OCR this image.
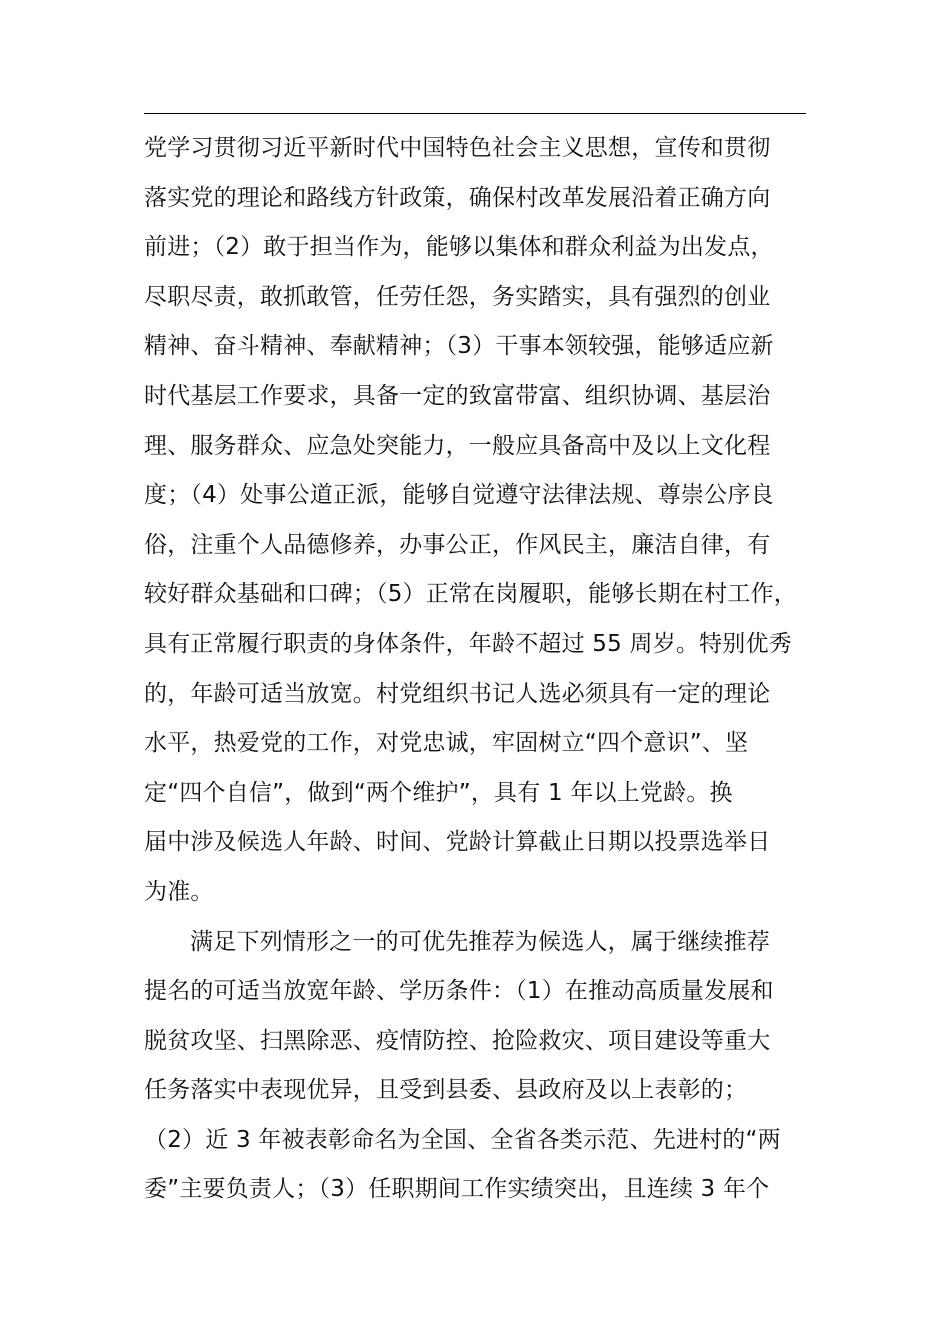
党学习贯彻习近平新时代中国特色社会主义思想，宣传和贯彻
落实党的理论和路线方针政策，确保村改革发展沿着正确方向
前进；（2）敢于担当作为，能够以集体和群众利益为出发点，
尽职尽责，敢抓敢管，任劳任怨，务实踏实，具有强烈的创业
精神、奋斗精神、奉献精神；（3）干事本领较强，能够适应新
时代基层工作要求，具备一定的致富带富、组织协调、基层治
理、服务群众、应急处突能力，一般应具备高中及以上文化程
度；（4）处事公道正派，能够自觉遵守法律法规、尊崇公序良
俗，注重个人品德修养，办事公正，作风民主，廉洁自律，有
较好群众基础和口碑；（5）正常在岗履职，能够长期在村工作，
具有正常履行职责的身体条件，年龄不超过 55 周岁。特别优秀
的，年龄可适当放宽。村党组织书记人选必须具有一定的理论
水平，热爱党的工作，对党忠诚，牢固树立“四个意识”、坚
定“四个自信”，做到“两个维护”，具有 1 年以上党龄。换
届中涉及候选人年龄、时间、党龄计算截止日期以投票选举日
为准。
满足下列情形之一的可优先推荐为候选人，属于继续推荐
提名的可适当放宽年龄、学历条件：（1）在推动高质量发展和
脱贫攻坚、扫黑除恶、疫情防控、抢险救灾、项目建设等重大
任务落实中表现优异，且受到县委、县政府及以上表彰的；
（2）近 3 年被表彰命名为全国、全省各类示范、先进村的“两
委”主要负责人；（3）任职期间工作实绩突出，且连续 3 年个
